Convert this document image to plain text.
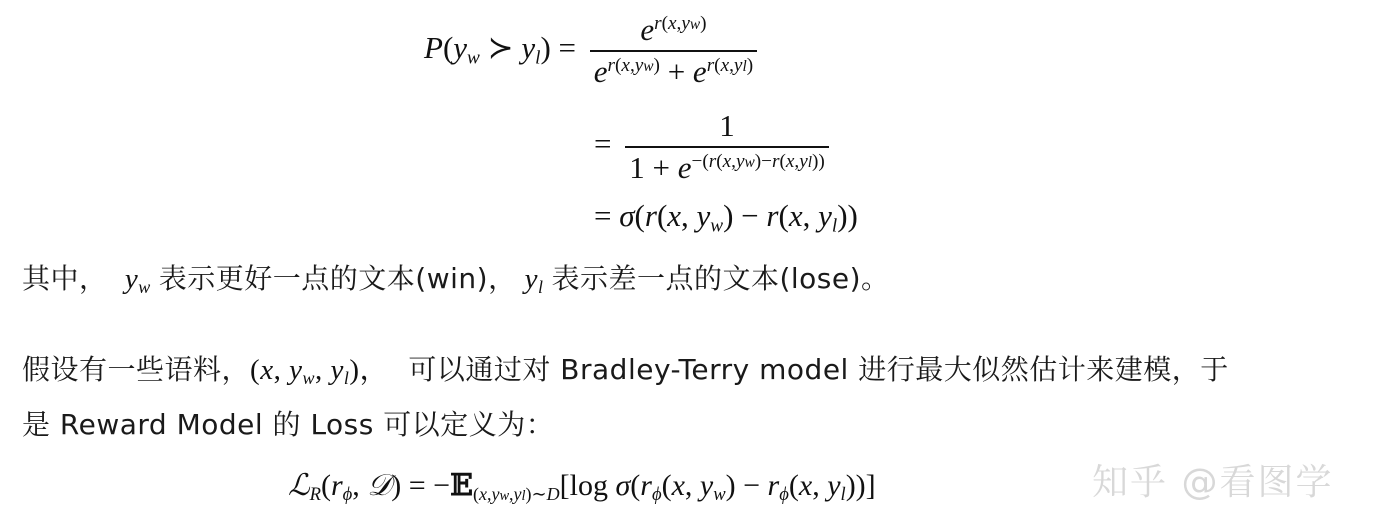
$P(y_w$ ≻ $y_l) = \frac{e^{r(x,yw)}}{e^{r(x,yw)} + e^{r(x,yl)}}$
= $\frac{1}{1 + e^{-(r(x,yw)-r(x,yl))}}$
= σ(r(x, $y_w) - r(x$, $y_l$))
其中， $y_w$ 表示更好一点的文本(win)， $y_l$ 表示差一点的文本(lose)。
假设有一些语料，(x, $y_w$, $y_l$)， 可以通过对 Bradley-Terry model 进行最大似然估计来建模，于
是 Reward Model 的 Loss 可以定义为：
$ℒ_R(r_\phi$, 𝒟) = −𝔼$_{(x,yw,yl)\sim D}$[log $\sigma(r_\phi(x$, $y_w) - r_\phi(x$, $y_l$))]	知乎 @看图学
